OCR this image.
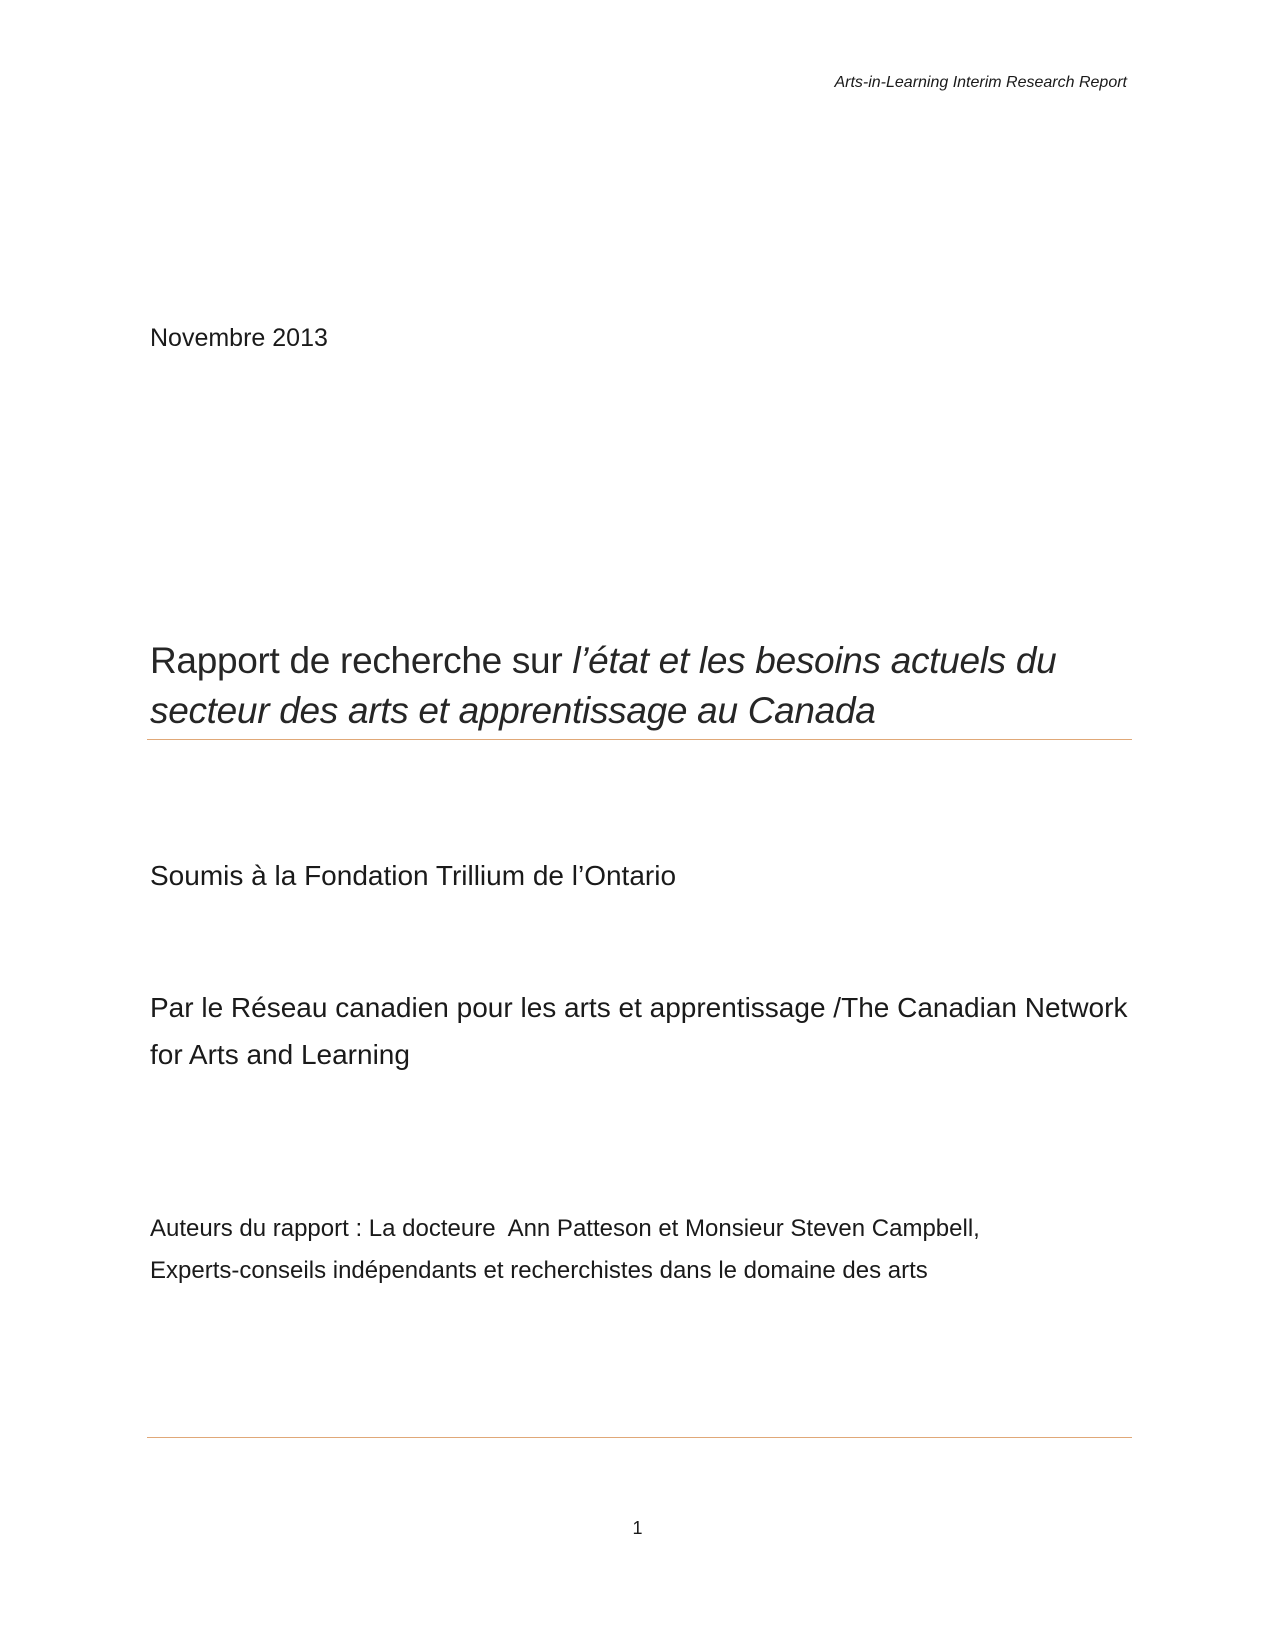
Arts-in-Learning Interim Research Report
Novembre 2013
Rapport de recherche sur l’état et les besoins actuels du secteur des arts et apprentissage au Canada
Soumis à la Fondation Trillium de l’Ontario
Par le Réseau canadien pour les arts et apprentissage /The Canadian Network for Arts and Learning
Auteurs du rapport : La docteure  Ann Patteson et Monsieur Steven Campbell,
Experts-conseils indépendants et recherchistes dans le domaine des arts
1
